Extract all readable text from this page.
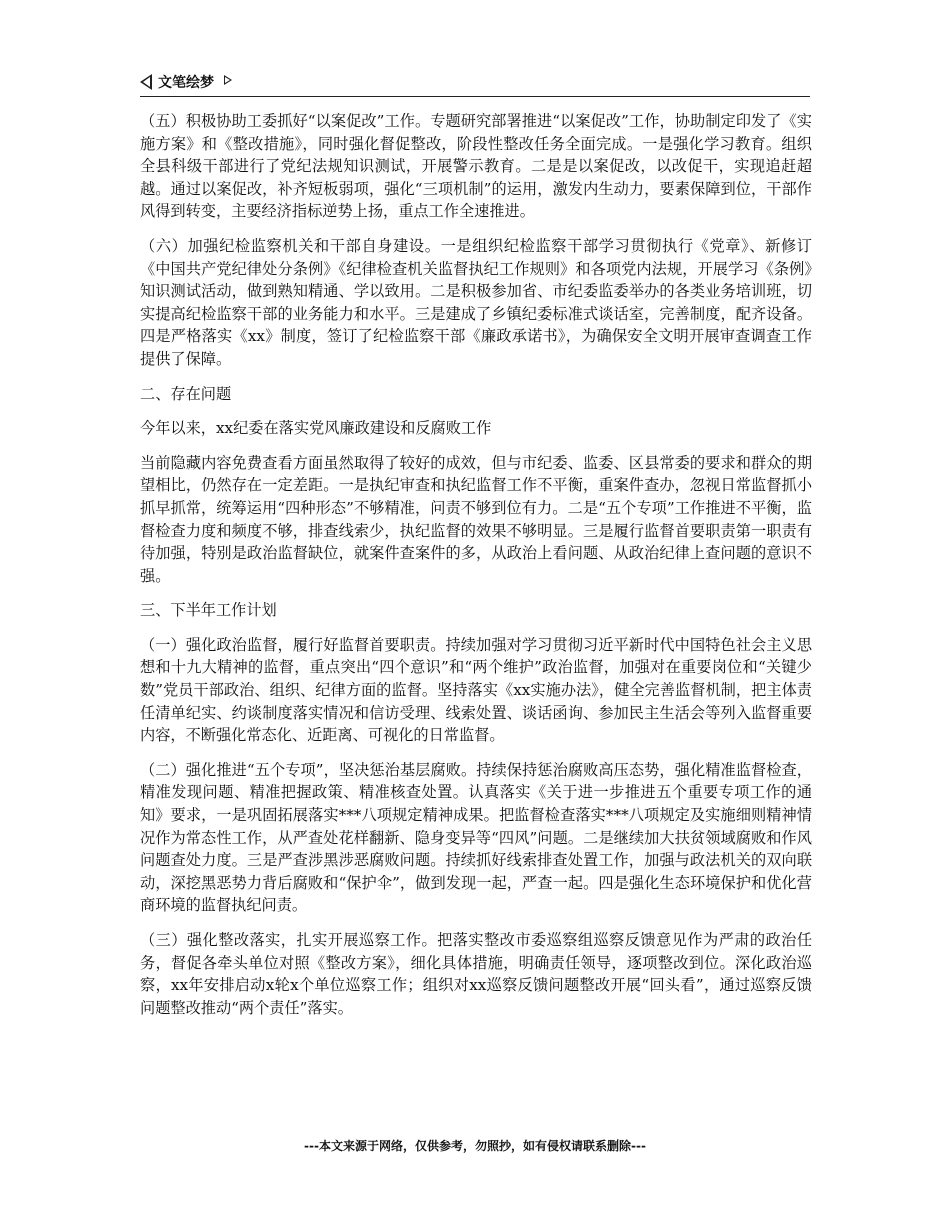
文笔绘梦

（五）积极协助工委抓好“以案促改”工作。专题研究部署推进“以案促改”工作，协助制定印发了《实施方案》和《整改措施》，同时强化督促整改，阶段性整改任务全面完成。一是强化学习教育。组织全县科级干部进行了党纪法规知识测试，开展警示教育。二是是以案促改，以改促干，实现追赶超越。通过以案促改，补齐短板弱项，强化“三项机制”的运用，激发内生动力，要素保障到位，干部作风得到转变，主要经济指标逆势上扬，重点工作全速推进。

（六）加强纪检监察机关和干部自身建设。一是组织纪检监察干部学习贯彻执行《党章》、新修订《中国共产党纪律处分条例》《纪律检查机关监督执纪工作规则》和各项党内法规，开展学习《条例》知识测试活动，做到熟知精通、学以致用。二是积极参加省、市纪委监委举办的各类业务培训班，切实提高纪检监察干部的业务能力和水平。三是建成了乡镇纪委标准式谈话室，完善制度，配齐设备。四是严格落实《xx》制度，签订了纪检监察干部《廉政承诺书》，为确保安全文明开展审查调查工作提供了保障。

二、存在问题

今年以来，xx纪委在落实党风廉政建设和反腐败工作

当前隐藏内容免费查看方面虽然取得了较好的成效，但与市纪委、监委、区县常委的要求和群众的期望相比，仍然存在一定差距。一是执纪审查和执纪监督工作不平衡，重案件查办，忽视日常监督抓小抓早抓常，统筹运用“四种形态”不够精准，问责不够到位有力。二是“五个专项”工作推进不平衡，监督检查力度和频度不够，排查线索少，执纪监督的效果不够明显。三是履行监督首要职责第一职责有待加强，特别是政治监督缺位，就案件查案件的多，从政治上看问题、从政治纪律上查问题的意识不强。

三、下半年工作计划

（一）强化政治监督，履行好监督首要职责。持续加强对学习贯彻习近平新时代中国特色社会主义思想和十九大精神的监督，重点突出“四个意识”和“两个维护”政治监督，加强对在重要岗位和“关键少数”党员干部政治、组织、纪律方面的监督。坚持落实《xx实施办法》，健全完善监督机制，把主体责任清单纪实、约谈制度落实情况和信访受理、线索处置、谈话函询、参加民主生活会等列入监督重要内容，不断强化常态化、近距离、可视化的日常监督。

（二）强化推进“五个专项”，坚决惩治基层腐败。持续保持惩治腐败高压态势，强化精准监督检查，精准发现问题、精准把握政策、精准核查处置。认真落实《关于进一步推进五个重要专项工作的通知》要求，一是巩固拓展落实***八项规定精神成果。把监督检查落实***八项规定及实施细则精神情况作为常态性工作，从严查处花样翻新、隐身变异等“四风”问题。二是继续加大扶贫领域腐败和作风问题查处力度。三是严查涉黑涉恶腐败问题。持续抓好线索排查处置工作，加强与政法机关的双向联动，深挖黑恶势力背后腐败和“保护伞”，做到发现一起，严查一起。四是强化生态环境保护和优化营商环境的监督执纪问责。

（三）强化整改落实，扎实开展巡察工作。把落实整改市委巡察组巡察反馈意见作为严肃的政治任务，督促各牵头单位对照《整改方案》，细化具体措施，明确责任领导，逐项整改到位。深化政治巡察，xx年安排启动x轮x个单位巡察工作；组织对xx巡察反馈问题整改开展“回头看”，通过巡察反馈问题整改推动“两个责任”落实。

---本文来源于网络，仅供参考，勿照抄，如有侵权请联系删除---
